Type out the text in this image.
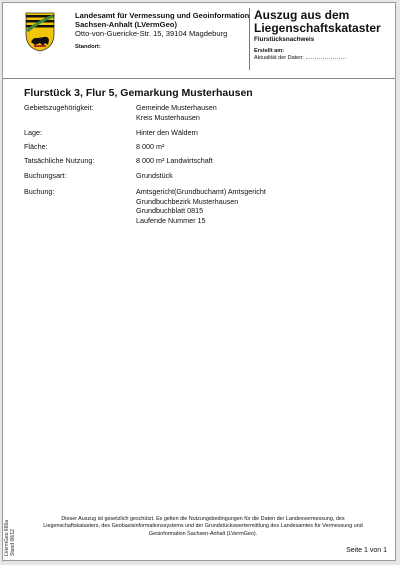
Landesamt für Vermessung und Geoinformation
Sachsen-Anhalt (LVermGeo)
Otto-von-Guericke-Str. 15, 39104 Magdeburg
Standort:
Auszug aus dem
Liegenschaftskataster
Flurstücksnachweis
Erstellt am:
Aktualität der Daten:
Flurstück 3, Flur 5, Gemarkung Musterhausen
Gebietszugehörigkeit:	Gemeinde Musterhausen
Kreis Musterhausen
Lage:	Hinter den Wäldern
Fläche:	8 000 m²
Tatsächliche Nutzung:	8 000 m² Landwirtschaft
Buchungsart:	Grundstück
Buchung:	Amtsgericht(Grundbuchamt) Amtsgericht
Grundbuchbezirk Musterhausen
Grundbuchblatt 0815
Laufende Nummer 15
Dieser Auszug ist gesetzlich geschützt. Es gelten die Nutzungsbedingungen für die Daten der Landesvermessung, des
Liegenschaftskatasters, des Geobasisinformationssystems und der Grundstückswertermittlung des Landesamtes für Vermessung und
Geoinformation Sachsen-Anhalt (LVermGeo).
LVermGeo 666a Stand 08/12	Seite 1 von 1
